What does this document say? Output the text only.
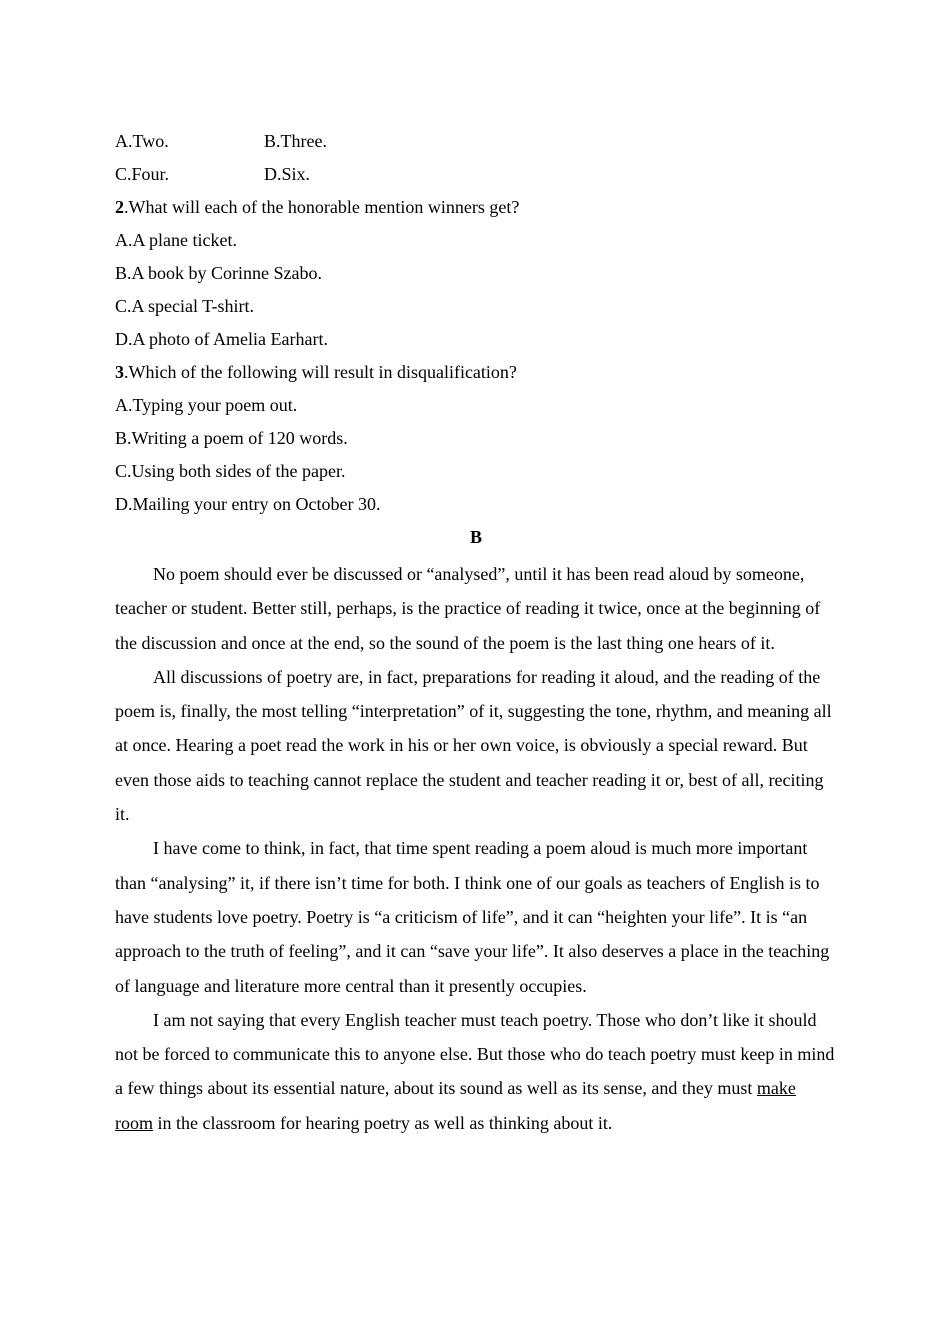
A.Two.	B.Three.
C.Four.	D.Six.
2.What will each of the honorable mention winners get?
A.A plane ticket.
B.A book by Corinne Szabo.
C.A special T-shirt.
D.A photo of Amelia Earhart.
3.Which of the following will result in disqualification?
A.Typing your poem out.
B.Writing a poem of 120 words.
C.Using both sides of the paper.
D.Mailing your entry on October 30.
B

No poem should ever be discussed or “analysed”, until it has been read aloud by someone, teacher or student. Better still, perhaps, is the practice of reading it twice, once at the beginning of the discussion and once at the end, so the sound of the poem is the last thing one hears of it.

All discussions of poetry are, in fact, preparations for reading it aloud, and the reading of the poem is, finally, the most telling “interpretation” of it, suggesting the tone, rhythm, and meaning all at once. Hearing a poet read the work in his or her own voice, is obviously a special reward. But even those aids to teaching cannot replace the student and teacher reading it or, best of all, reciting it.

I have come to think, in fact, that time spent reading a poem aloud is much more important than “analysing” it, if there isn’t time for both. I think one of our goals as teachers of English is to have students love poetry. Poetry is “a criticism of life”, and it can “heighten your life”. It is “an approach to the truth of feeling”, and it can “save your life”. It also deserves a place in the teaching of language and literature more central than it presently occupies.

I am not saying that every English teacher must teach poetry. Those who don’t like it should not be forced to communicate this to anyone else. But those who do teach poetry must keep in mind a few things about its essential nature, about its sound as well as its sense, and they must make room in the classroom for hearing poetry as well as thinking about it.
